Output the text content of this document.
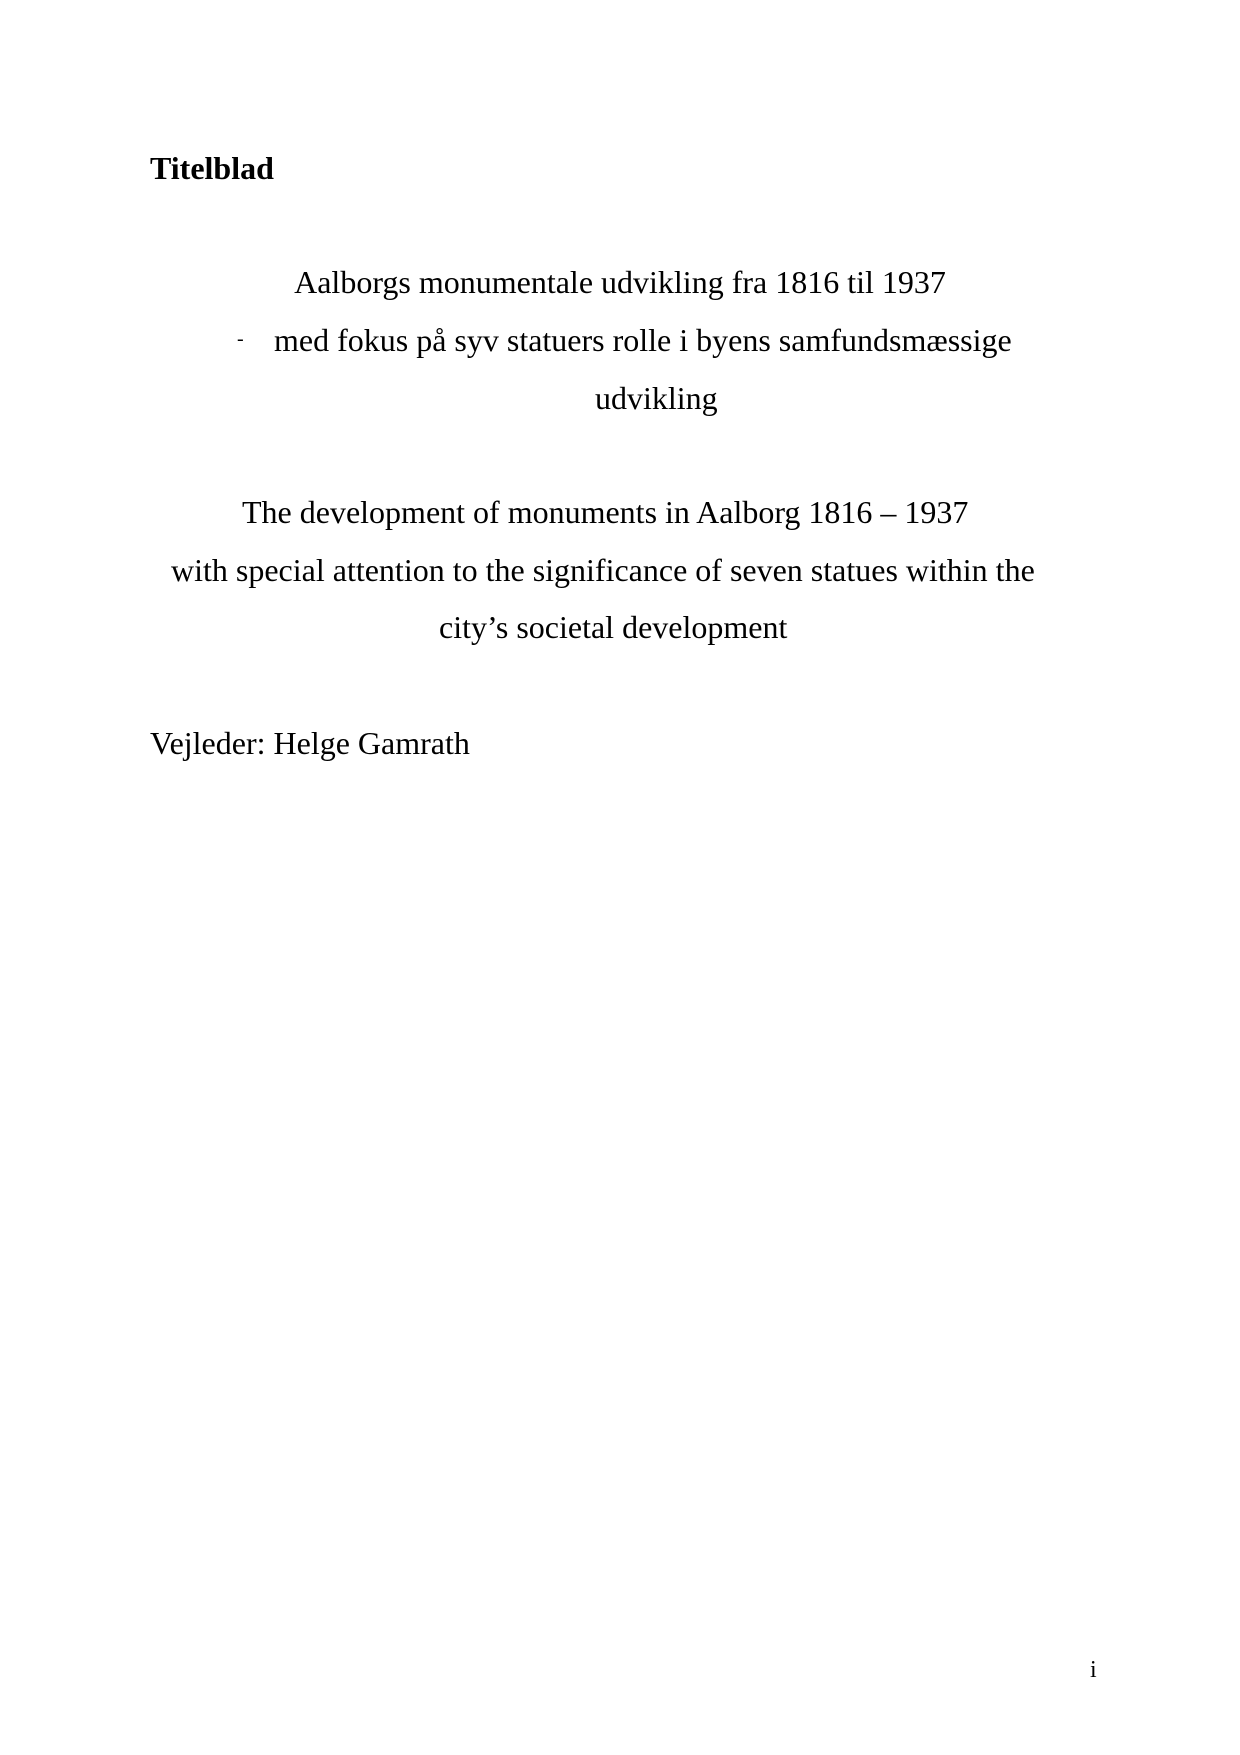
Titelblad
Aalborgs monumentale udvikling fra 1816 til 1937
- med fokus på syv statuers rolle i byens samfundsmæssige
udvikling
The development of monuments in Aalborg 1816 – 1937
with special attention to the significance of seven statues within the
city’s societal development
Vejleder: Helge Gamrath
i
